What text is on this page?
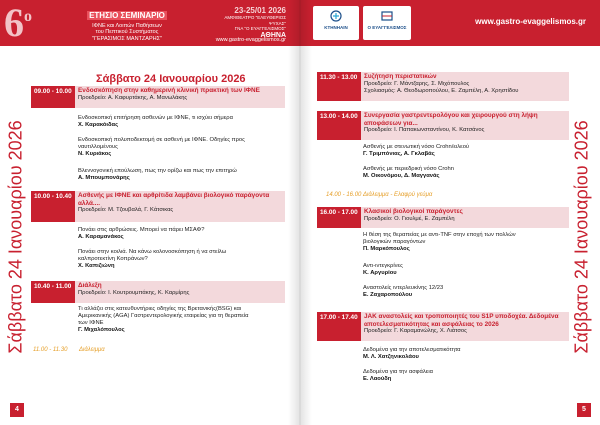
Σάββατο 24 Ιανουαρίου 2026
Σάββατο 24 Ιανουαρίου 2026
09.00 - 10.00 Ενδοσκόπηση στην καθημερινή κλινική πρακτική των ΙΦΝΕ
Προεδρείο: Α. Καφυρτάκης, Α. Μανωλάκης
Ενδοσκοπική επιτήρηση ασθενών με ΙΦΝΕ, τι ισχύει σήμερα
Χ. Καρακόιδας
Ενδοσκοπική πολυποδεκτομή σε ασθενή με ΙΦΝΕ. Οδηγίες προς
ναυτιλλομένους
Ν. Κυριάκος
Βλεννογονική επούλωση, πως την ορίζω και πως την επιτηρώ
Α. Μπουμπονάρης
10.00 - 10.40 Ασθενής με ΙΦΝΕ και αρθρίτιδα λαμβάνει βιολογικό παράγοντα
αλλά....
Προεδρείο: Μ. Τζουβαλά, Γ. Κάτσικας
Πονάει στις αρθρώσεις. Μπορεί να πάρει ΜΣΑΦ?
Α. Καραμανάκος
Πονάει στην κοιλιά. Να κάνω κολονοσκόπηση ή να στείλω
καλπροτεκτίνη Κοπράνων?
Χ. Καπιζιώνη
10.40 - 11.00	Διάλεξη
Προεδρείο: Ι. Κουτρουμπάκης, Κ. Καρμίρης
Τι αλλάζει στις κατευθυντήριες οδηγίες της Βρετανικής(BSG) και
Αμερικανικής (AGA) Γαστρεντερολογικής εταιρείας για τη θεραπεία
των ΙΦΝΕ
Γ. Μιχαλόπουλος
11.00 - 11.30 Διάλειμμα
4
Σάββατο 24 Ιανουαρίου 2026
11.30 - 13.00	Συζήτηση περιστατικών
Προεδρείο: Γ. Μάντζαρης, Σ. Μιχόπουλος
Σχολιασμός: Α. Θεοδωροπούλου, Ε. Ζαμπέλη, Α. Χρηστίδου
13.00 - 14.00 Συνεργασία γαστρεντερολόγου και χειρουργού στη λήψη
αποφάσεων για...
Προεδρείο: Ι. Παπακωνσταντίνου, Κ. Κατσάνος
Ασθενής με στενωτική νόσο Crohn/ειλεού
Γ. Τριμπόνιας, Α. Γκλαβάς
Ασθενής με περιεδρική νόσο Crohn
Μ. Οικονόμου, Δ. Μαγγανάς
14.00 - 16.00 Διάλειμμα - Ελαφρύ γεύμα
16.00 - 17.00 Κλασικοί βιολογικοί παράγοντες
Προεδρείο: Ο. Γιουλμέ, Ε. Ζαμπέλη
Η θέση της θεραπείας με αντι-TNF στην εποχή των πολλών
βιολογικών παραγόντων
Π. Μαρκόπουλος
Αντι-ιντεγκρίνες
Κ. Αργυρίου
Αναστολείς ιντερλευκίνης 12/23
Ε. Ζαχαροπούλου
17.00 - 17.40 JAK αναστολείς και τροποποιητές του S1P υποδοχέα. Δεδομένα
αποτελεσματικότητας και ασφάλειας το 2026
Προεδρείο: Γ. Καραμανώλης, Χ. Λιάτσος
Δεδομένα για την αποτελεσματικότητα
Μ. Λ. Χατζηνικολάου
Δεδομένα για την ασφάλεια
Ε. Λαούδη
5
$6^o$	ΕΤΗΣΙΟ ΣΕΜΙΝΑΡΙΟ
ΙΦΝΕ και Λοιπών Παθήσεων
του Πεπτικού Συστήματος
"ΓΕΡΑΣΙΜΟΣ ΜΑΝΤΖΑΡΗΣ"
23-25/01 2026
ΑΜΦΙΘΕΑΤΡΟ "ΕΛΕΥΘΕΡΙΟΣ ΨΥΧΑΣ"
ΓΝΑ "Ο ΕΥΑΓΓΕΛΙΣΜΟΣ"
ΑΘΗΝΑ
www.gastro-evaggelismos.gr
ΚΤΗΝΗΑΙΝ	Ο ΕΥΑΓΓΕΛΙΣΜΟΣ
www.gastro-evaggelismos.gr
